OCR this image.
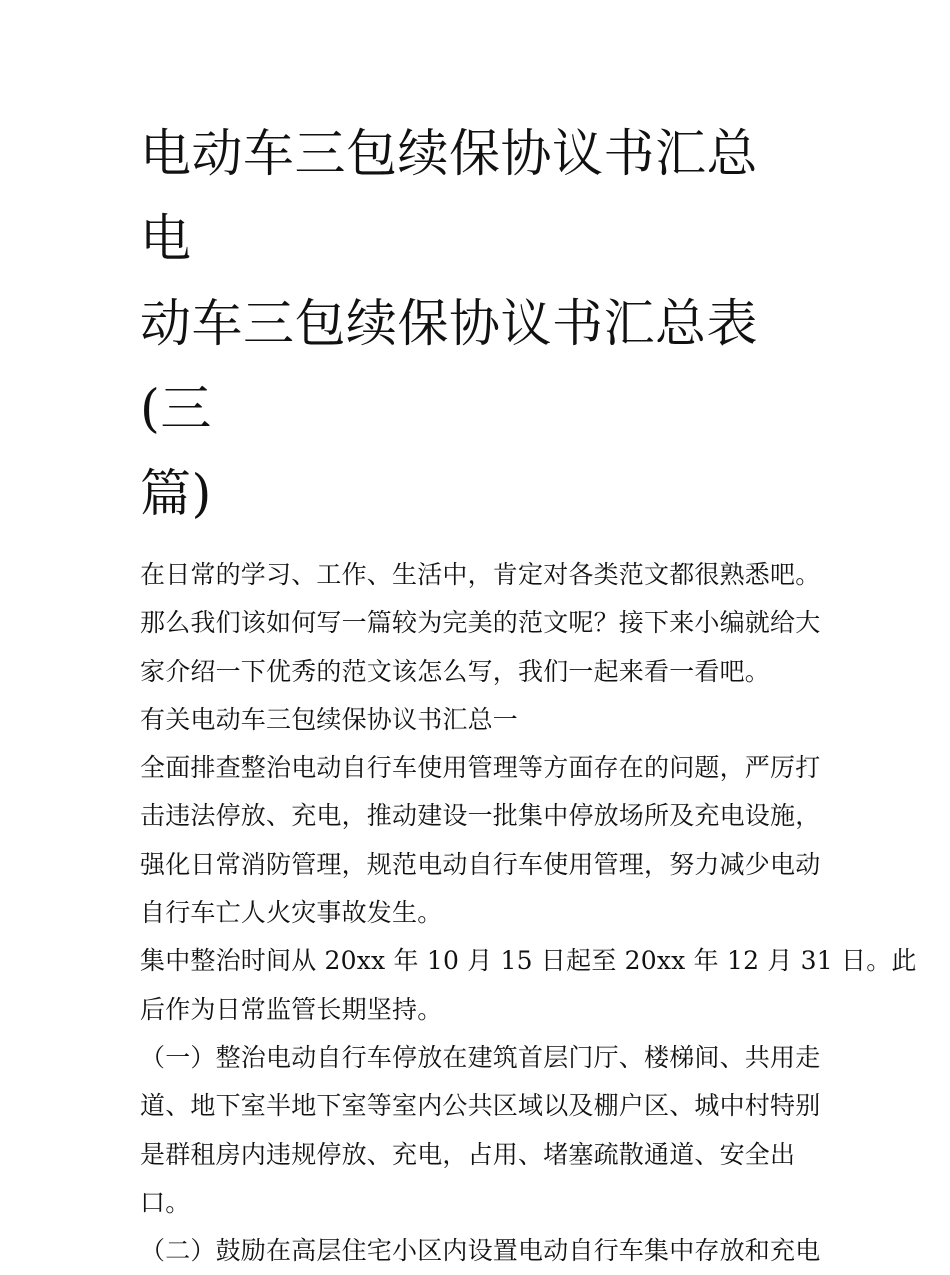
电动车三包续保协议书汇总 电
动车三包续保协议书汇总表(三
篇)
在日常的学习、工作、生活中，肯定对各类范文都很熟悉吧。
那么我们该如何写一篇较为完美的范文呢？接下来小编就给大
家介绍一下优秀的范文该怎么写，我们一起来看一看吧。
有关电动车三包续保协议书汇总一
全面排查整治电动自行车使用管理等方面存在的问题，严厉打
击违法停放、充电，推动建设一批集中停放场所及充电设施，
强化日常消防管理，规范电动自行车使用管理，努力减少电动
自行车亡人火灾事故发生。
集中整治时间从 20xx 年 10 月 15 日起至 20xx 年 12 月 31 日。此
后作为日常监管长期坚持。
（一）整治电动自行车停放在建筑首层门厅、楼梯间、共用走
道、地下室半地下室等室内公共区域以及棚户区、城中村特别
是群租房内违规停放、充电，占用、堵塞疏散通道、安全出
口。
（二）鼓励在高层住宅小区内设置电动自行车集中存放和充电
